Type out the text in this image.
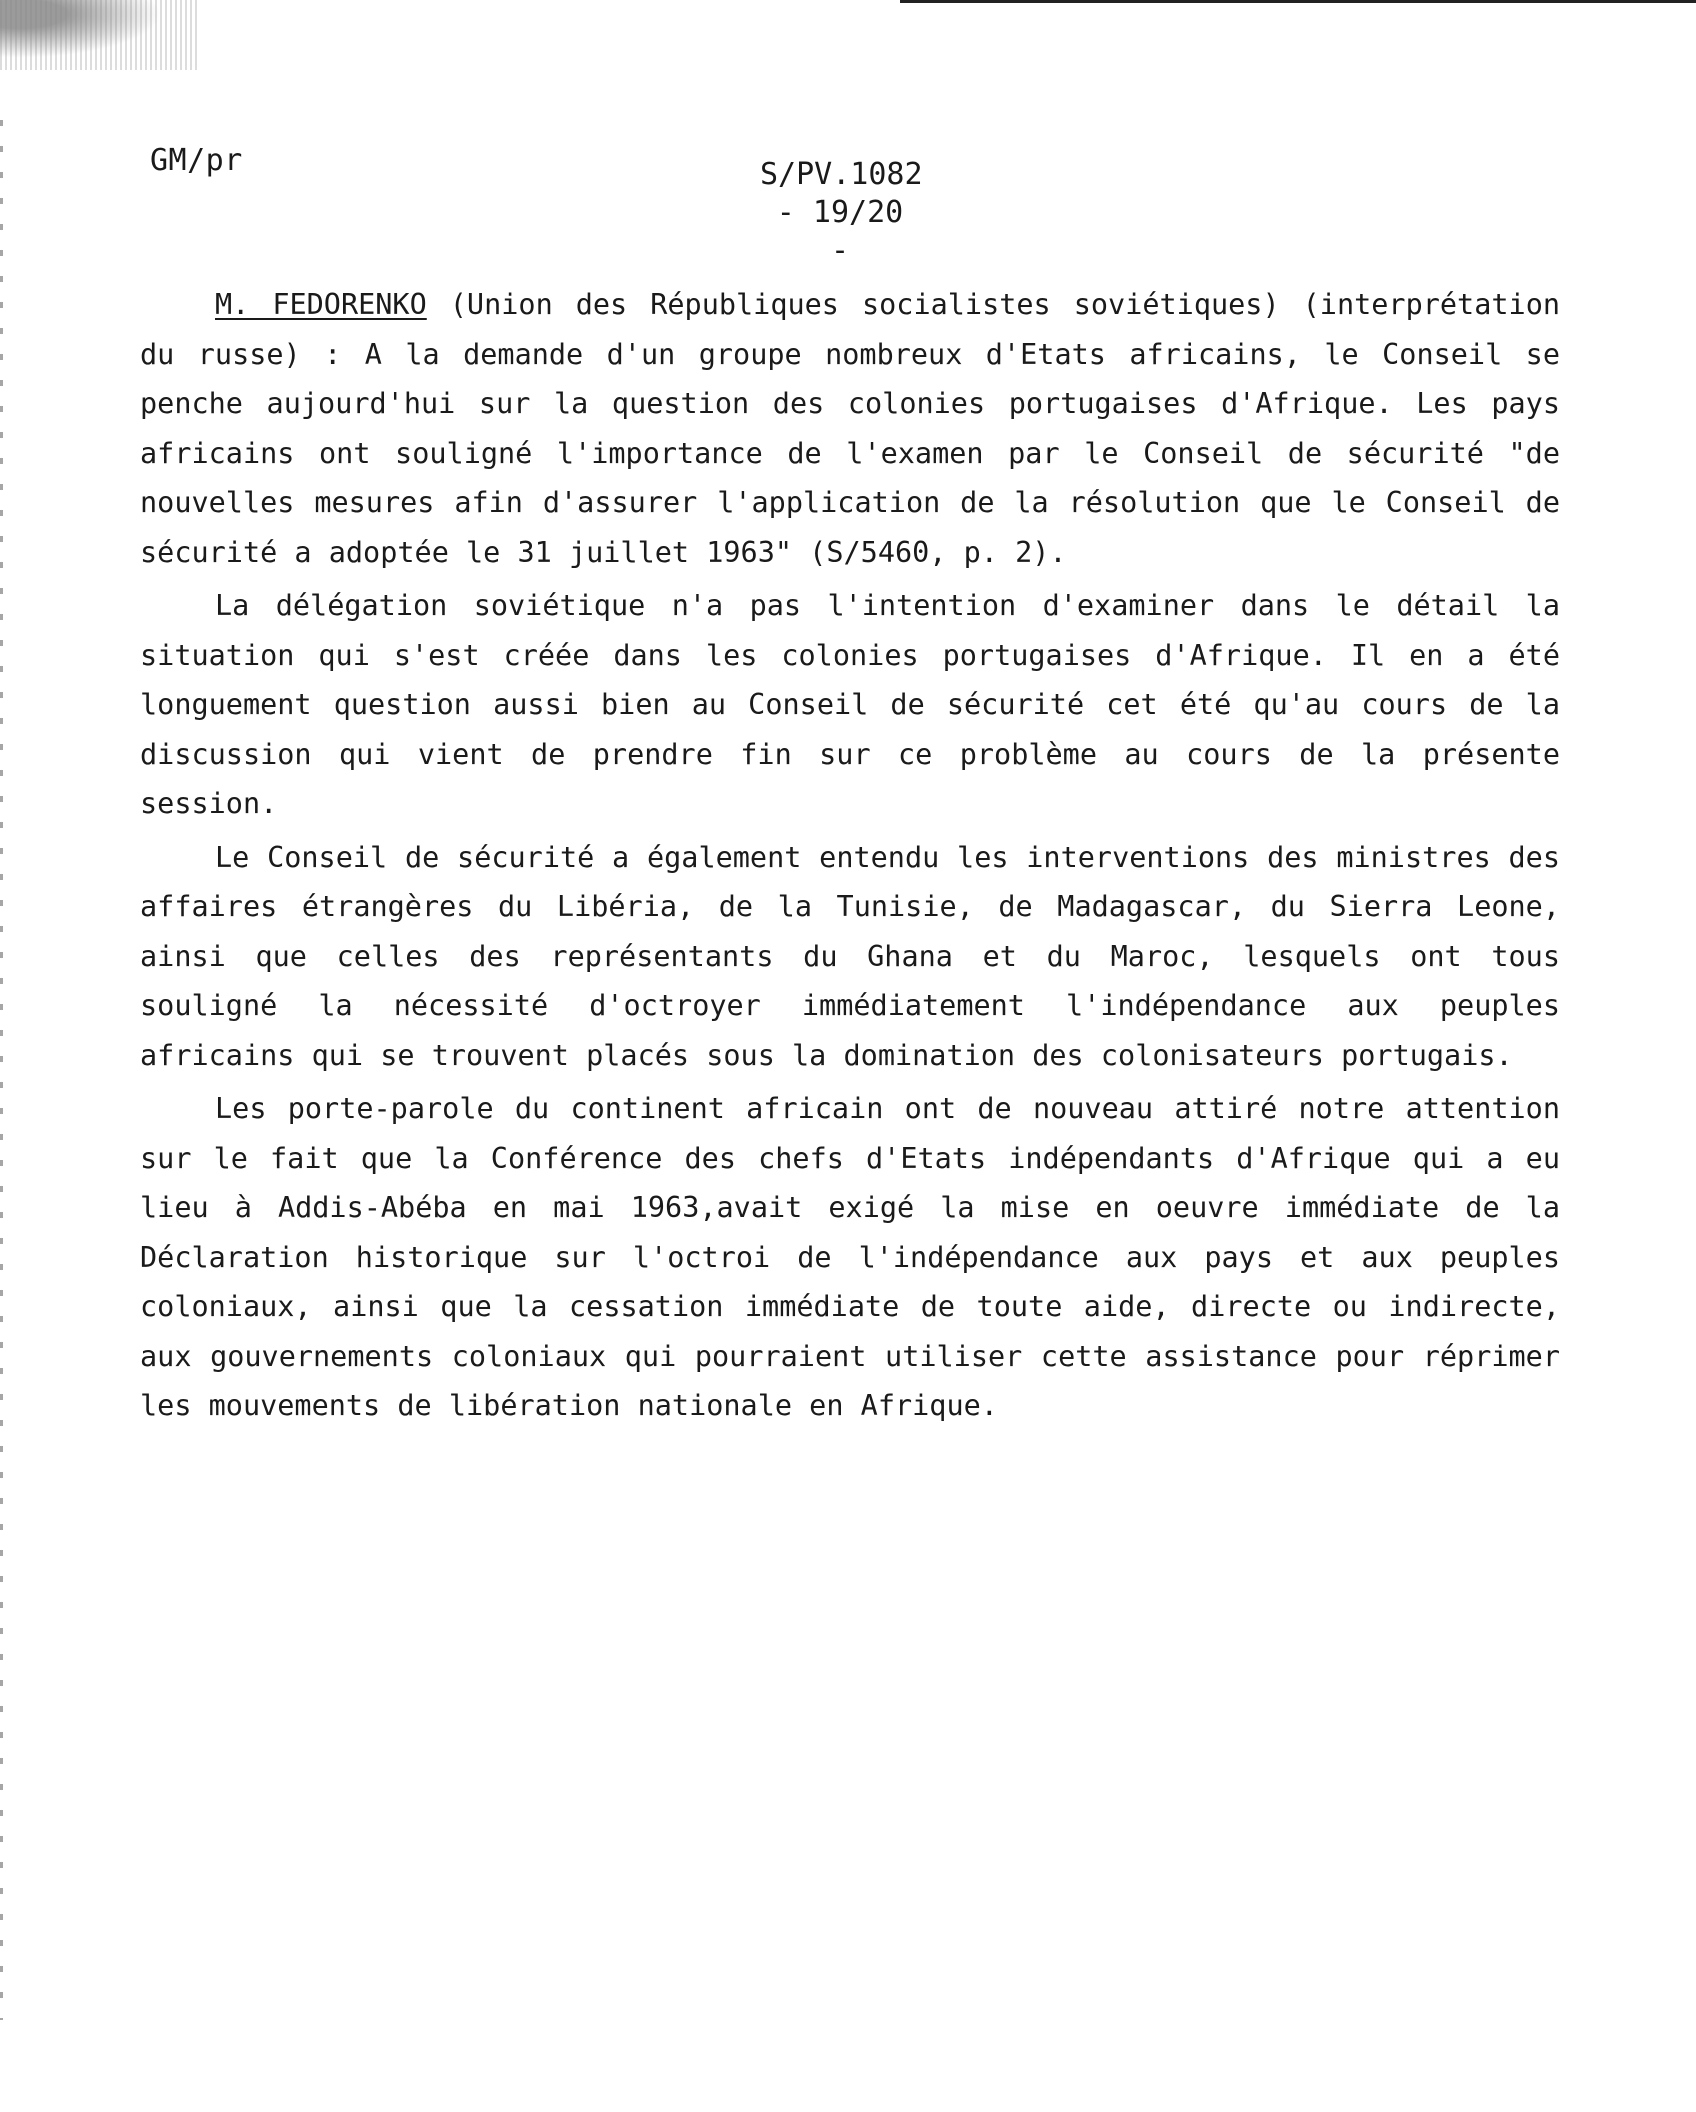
GM/pr	S/PV.1082
- 19/20 -

M. FEDORENKO (Union des Républiques socialistes soviétiques) (interprétation du russe) : A la demande d'un groupe nombreux d'Etats africains, le Conseil se penche aujourd'hui sur la question des colonies portugaises d'Afrique. Les pays africains ont souligné l'importance de l'examen par le Conseil de sécurité "de nouvelles mesures afin d'assurer l'application de la résolution que le Conseil de sécurité a adoptée le 31 juillet 1963" (S/5460, p. 2).

La délégation soviétique n'a pas l'intention d'examiner dans le détail la situation qui s'est créée dans les colonies portugaises d'Afrique. Il en a été longuement question aussi bien au Conseil de sécurité cet été qu'au cours de la discussion qui vient de prendre fin sur ce problème au cours de la présente session.

Le Conseil de sécurité a également entendu les interventions des ministres des affaires étrangères du Libéria, de la Tunisie, de Madagascar, du Sierra Leone, ainsi que celles des représentants du Ghana et du Maroc, lesquels ont tous souligné la nécessité d'octroyer immédiatement l'indépendance aux peuples africains qui se trouvent placés sous la domination des colonisateurs portugais.

Les porte-parole du continent africain ont de nouveau attiré notre attention sur le fait que la Conférence des chefs d'Etats indépendants d'Afrique qui a eu lieu à Addis-Abéba en mai 1963,avait exigé la mise en oeuvre immédiate de la Déclaration historique sur l'octroi de l'indépendance aux pays et aux peuples coloniaux, ainsi que la cessation immédiate de toute aide, directe ou indirecte, aux gouvernements coloniaux qui pourraient utiliser cette assistance pour réprimer les mouvements de libération nationale en Afrique.
